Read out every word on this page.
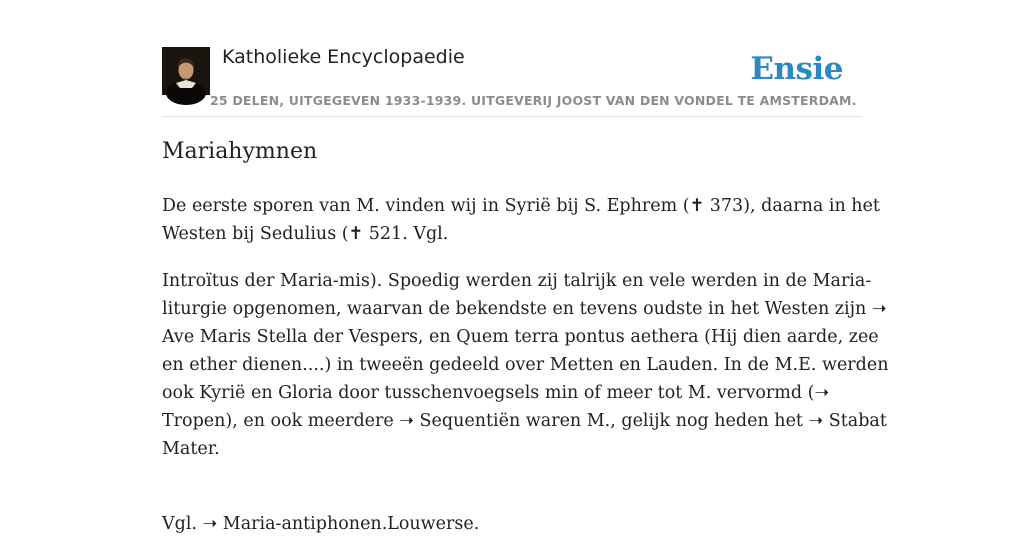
Katholieke Encyclopaedie
25 DELEN, UITGEGEVEN 1933-1939. UITGEVERIJ JOOST VAN DEN VONDEL TE AMSTERDAM.
Ensie
Mariahymnen

De eerste sporen van M. vinden wij in Syrië bij S. Ephrem (✝ 373), daarna in het
Westen bij Sedulius (✝ 521. Vgl.

Introïtus der Maria-mis). Spoedig werden zij talrijk en vele werden in de Maria-
liturgie opgenomen, waarvan de bekendste en tevens oudste in het Westen zijn ➝
Ave Maris Stella der Vespers, en Quem terra pontus aethera (Hij dien aarde, zee
en ether dienen....) in tweeën gedeeld over Metten en Lauden. In de M.E. werden
ook Kyrië en Gloria door tusschenvoegsels min of meer tot M. vervormd (➝
Tropen), en ook meerdere ➝ Sequentiën waren M., gelijk nog heden het ➝ Stabat
Mater.

Vgl. ➝ Maria-antiphonen.Louwerse.
